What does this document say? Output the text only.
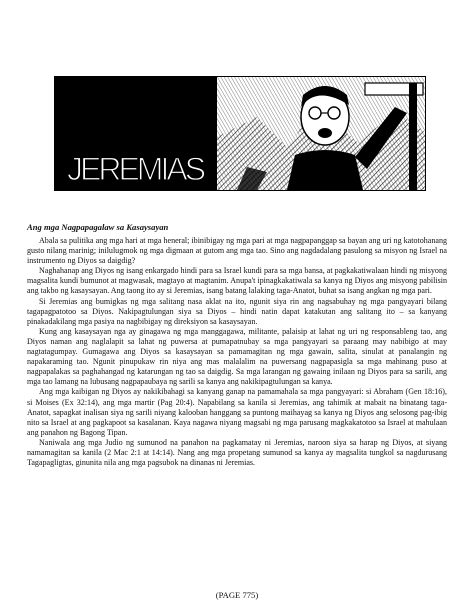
JEREMIAS
Ang mga Nagpapagalaw sa Kasaysayan

Abala sa pulitika ang mga hari at mga heneral; ibinibigay ng mga pari at mga nagpapanggap sa bayan ang uri ng katotohanang gusto nilang marinig; inilulugmok ng mga digmaan at gutom ang mga tao. Sino ang nagdadalang pasulong sa misyon ng Israel na instrumento ng Diyos sa daigdig?

Naghahanap ang Diyos ng isang enkargado hindi para sa Israel kundi para sa mga bansa, at pagkakatiwalaan hindi ng misyong magsalita kundi bumunot at magwasak, magtayo at magtanim. Anupa't ipinagkakatiwala sa kanya ng Diyos ang misyong pabilisin ang takbo ng kasaysayan. Ang taong ito ay si Jeremias, isang batang lalaking taga-Anatot, buhat sa isang angkan ng mga pari.

Si Jeremias ang bumigkas ng mga salitang nasa aklat na ito, ngunit siya rin ang nagsabuhay ng mga pangyayari bilang tagapagpatotoo sa Diyos. Nakipagtulungan siya sa Diyos – hindi natin dapat katakutan ang salitang ito – sa kanyang pinakadakilang mga pasiya na nagbibigay ng direksiyon sa kasaysayan.

Kung ang kasaysayan nga ay ginagawa ng mga manggagawa, militante, palaisip at lahat ng uri ng responsableng tao, ang Diyos naman ang naglalapit sa lahat ng puwersa at pumapatnubay sa mga pangyayari sa paraang may nabibigo at may nagtatagumpay. Gumagawa ang Diyos sa kasaysayan sa pamamagitan ng mga gawain, salita, sinulat at panalangin ng napakaraming tao. Ngunit pinupukaw rin niya ang mas malalalim na puwersang nagpapasigla sa mga mahinang puso at nagpapalakas sa paghahangad ng katarungan ng tao sa daigdig. Sa mga larangan ng gawaing inilaan ng Diyos para sa sarili, ang mga tao lamang na lubusang nagpapaubaya ng sarili sa kanya ang nakikipagtulungan sa kanya.

Ang mga kaibigan ng Diyos ay nakikibahagi sa kanyang ganap na pamamahala sa mga pangyayari: si Abraham (Gen 18:16), si Moises (Ex 32:14), ang mga martir (Pag 20:4). Napabilang sa kanila si Jeremias, ang tahimik at mabait na binatang taga-Anatot, sapagkat inalisan siya ng sarili niyang kalooban hanggang sa puntong maihayag sa kanya ng Diyos ang selosong pag-ibig nito sa Israel at ang pagkapoot sa kasalanan. Kaya nagawa niyang magsabi ng mga parusang magkakatotoo sa Israel at mahulaan ang panahon ng Bagong Tipan.

Naniwala ang mga Judio ng sumunod na panahon na pagkamatay ni Jeremias, naroon siya sa harap ng Diyos, at siyang namamagitan sa kanila (2 Mac 2:1 at 14:14). Nang ang mga propetang sumunod sa kanya ay magsalita tungkol sa nagdurusang Tagapagligtas, ginunita nila ang mga pagsubok na dinanas ni Jeremias.

(PAGE 775)
